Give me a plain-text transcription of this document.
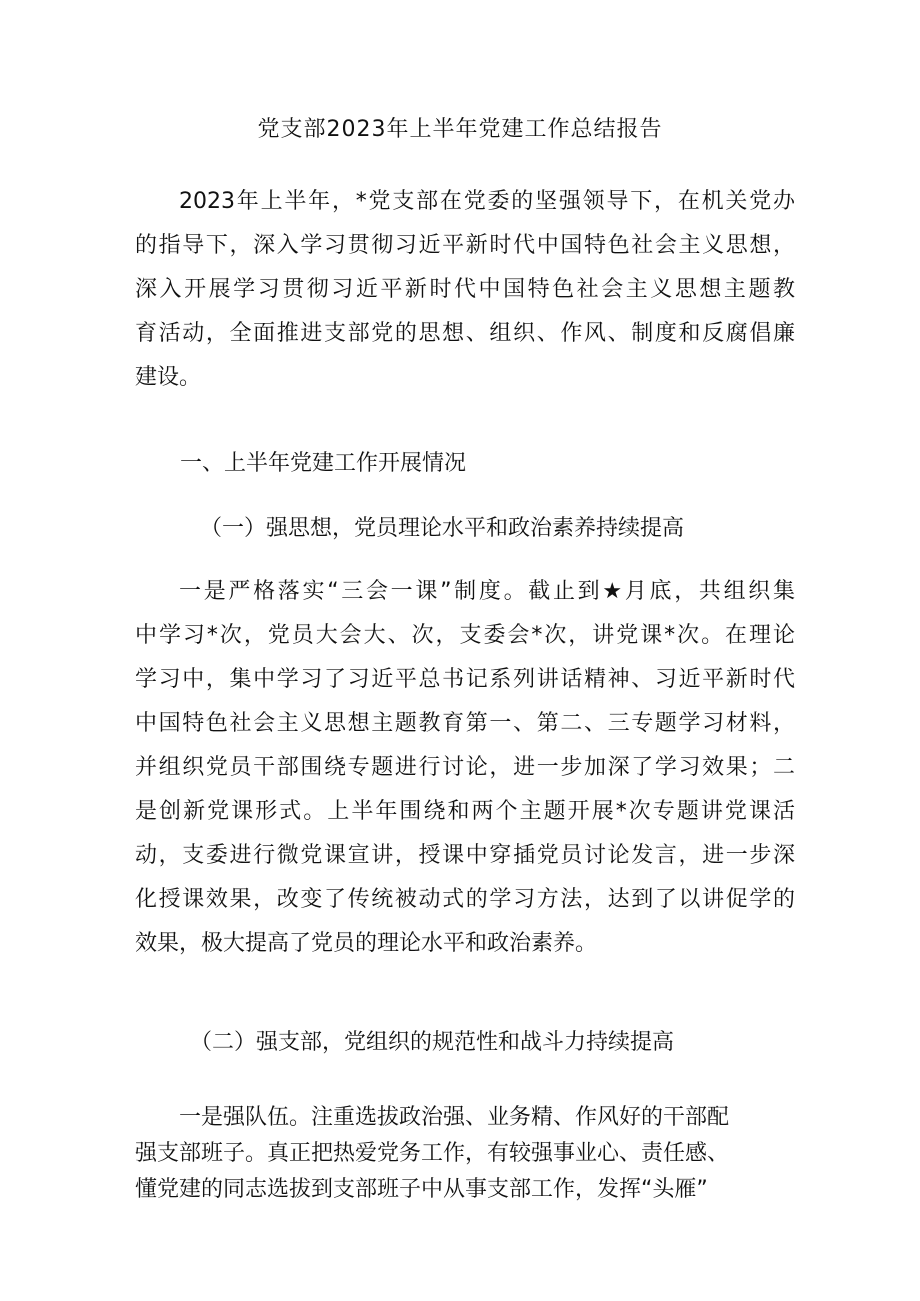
党支部2023年上半年党建工作总结报告
2023年上半年，*党支部在党委的坚强领导下，在机关党办
的指导下，深入学习贯彻习近平新时代中国特色社会主义思想，
深入开展学习贯彻习近平新时代中国特色社会主义思想主题教
育活动，全面推进支部党的思想、组织、作风、制度和反腐倡廉
建设。
一、上半年党建工作开展情况
（一）强思想，党员理论水平和政治素养持续提高
一是严格落实“三会一课”制度。截止到★月底，共组织集
中学习*次，党员大会大、次，支委会*次，讲党课*次。在理论
学习中，集中学习了习近平总书记系列讲话精神、习近平新时代
中国特色社会主义思想主题教育第一、第二、三专题学习材料，
并组织党员干部围绕专题进行讨论，进一步加深了学习效果；二
是创新党课形式。上半年围绕和两个主题开展*次专题讲党课活
动，支委进行微党课宣讲，授课中穿插党员讨论发言，进一步深
化授课效果，改变了传统被动式的学习方法，达到了以讲促学的
效果，极大提高了党员的理论水平和政治素养。
（二）强支部，党组织的规范性和战斗力持续提高
一是强队伍。注重选拔政治强、业务精、作风好的干部配
强支部班子。真正把热爱党务工作，有较强事业心、责任感、
懂党建的同志选拔到支部班子中从事支部工作，发挥“头雁”
